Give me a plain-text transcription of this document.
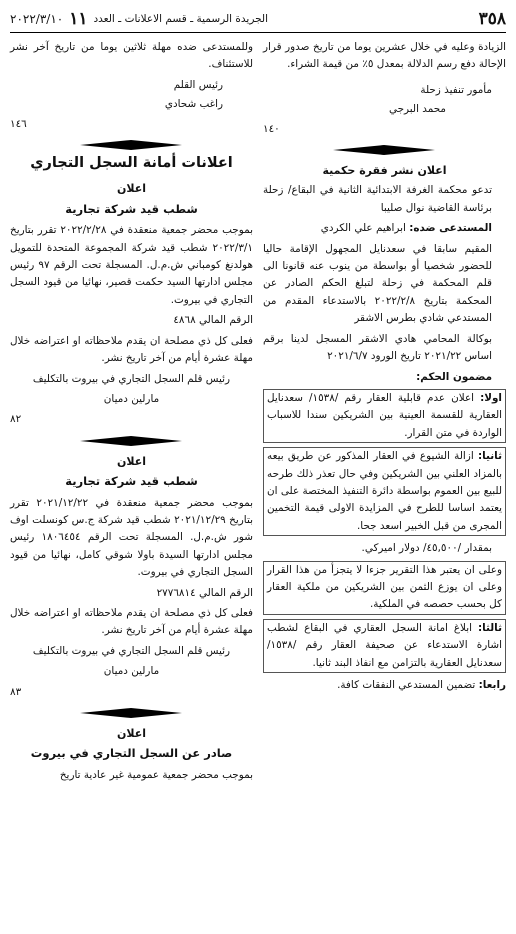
٣٥٨
الجريدة الرسمية ـ قسم الاعلانات ـ العدد
١١
٢٠٢٢/٣/١٠

الزيادة وعليه في خلال عشرين يوما من تاريخ صدور قرار الإحالة دفع رسم الدلالة بمعدل ٥٪ من قيمة الشراء.

مأمور تنفيذ زحلة

محمد البرجي

١٤٠

اعلان نشر فقرة حكمية

تدعو محكمة الغرفة الابتدائية الثانية في البقاع/ زحلة برئاسة القاضية نوال صليبا

المستدعى ضده: ابراهيم علي الكردي

المقيم سابقا في سعدنايل المجهول الإقامة حاليا للحضور شخصيا أو بواسطة من ينوب عنه قانونا الى قلم المحكمة في زحلة لتبلغ الحكم الصادر عن المحكمة بتاريخ ٢٠٢٢/٢/٨ بالاستدعاء المقدم من المستدعي شادي بطرس الاشقر

بوكالة المحامي هادي الاشقر المسجل لدينا برقم اساس ٢٠٢١/٢٢ تاريخ الورود ٢٠٢١/٦/٧

مضمون الحكم:

اولا: اعلان عدم قابلية العقار رقم /١٥٣٨/ سعدنايل العقارية للقسمة العينية بين الشريكين سندا للاسباب الواردة في متن القرار.

ثانيا: ازالة الشيوع في العقار المذكور عن طريق بيعه بالمزاد العلني بين الشريكين وفي حال تعذر ذلك طرحه للبيع بين العموم بواسطة دائرة التنفيذ المختصة على ان يعتمد اساسا للطرح في المزايدة الاولى قيمة التخمين المجرى من قبل الخبير اسعد جحا.

بمقدار /٤٥,٥٠٠/ دولار اميركي.

وعلى ان يعتبر هذا التقرير جزءا لا يتجزأ من هذا القرار وعلى ان يوزع الثمن بين الشريكين من ملكية العقار كل بحسب حصصه في الملكية.

ثالثا: ابلاغ امانة السجل العقاري في البقاع لشطب اشارة الاستدعاء عن صحيفة العقار رقم /١٥٣٨/ سعدنايل العقارية بالتزامن مع انفاذ البند ثانيا.

رابعا: تضمين المستدعي النفقات كافة.

وللمستدعى ضده مهلة ثلاثين يوما من تاريخ آخر نشر للاستئناف.

رئيس القلم

راغب شحادي

١٤٦

اعلانات أمانة السجل التجاري

اعلان

شطب قيد شركة تجارية

بموجب محضر جمعية منعقدة في ٢٠٢٢/٢/٢٨ تقرر بتاريخ ٢٠٢٢/٣/١ شطب قيد شركة المجموعة المتحدة للتمويل هولدنغ كومباني ش.م.ل. المسجلة تحت الرقم ٩٧ رئيس مجلس ادارتها السيد حكمت قصير، نهائيا من قيود السجل التجاري في بيروت.

الرقم المالي ٤٨٦٨

فعلى كل ذي مصلحة ان يقدم ملاحظاته او اعتراضه خلال مهلة عشرة أيام من آخر تاريخ نشر.

رئيس قلم السجل التجاري في بيروت بالتكليف

مارلين دميان

٨٢

اعلان

شطب قيد شركة تجارية

بموجب محضر جمعية منعقدة في ٢٠٢١/١٢/٢٢ تقرر بتاريخ ٢٠٢١/١٢/٢٩ شطب قيد شركة ج.س كونسلت اوف شور ش.م.ل. المسجلة تحت الرقم ١٨٠٦٤٥٤ رئيس مجلس ادارتها السيدة باولا شوقي كامل، نهائيا من قيود السجل التجاري في بيروت.

الرقم المالي ٢٧٧٦٨١٤

فعلى كل ذي مصلحة ان يقدم ملاحظاته او اعتراضه خلال مهلة عشرة أيام من آخر تاريخ نشر.

رئيس قلم السجل التجاري في بيروت بالتكليف

مارلين دميان

٨٣

اعلان

صادر عن السجل التجاري في بيروت

بموجب محضر جمعية عمومية غير عادية تاريخ
